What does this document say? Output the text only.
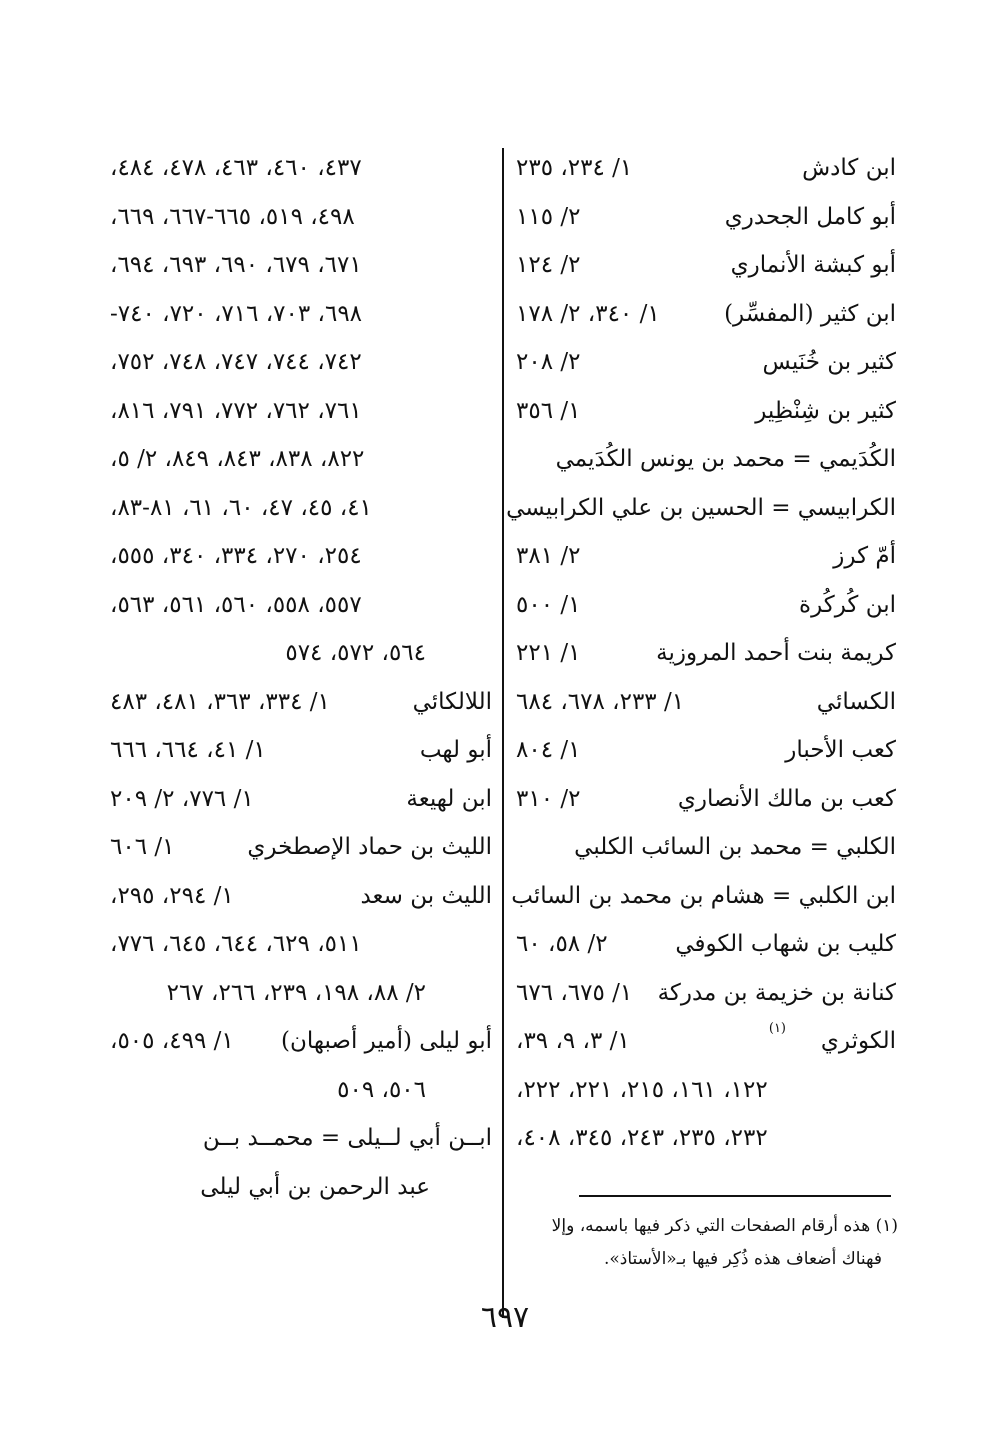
ابن كادش
١/ ٢٣٤، ٢٣٥
أبو كامل الجحدري
٢/ ١١٥
أبو كبشة الأنماري
٢/ ١٢٤
ابن كثير (المفسِّر)
١/ ٣٤٠، ٢/ ١٧٨
كثير بن خُنَيس
٢/ ٢٠٨
كثير بن شِنْظِير
١/ ٣٥٦
الكُدَيمي = محمد بن يونس الكُدَيمي
الكرابيسي = الحسين بن علي الكرابيسي
أمّ كرز
٢/ ٣٨١
ابن كُركُرة
١/ ٥٠٠
كريمة بنت أحمد المروزية
١/ ٢٢١
الكسائي
١/ ٢٣٣، ٦٧٨، ٦٨٤
كعب الأحبار
١/ ٨٠٤
كعب بن مالك الأنصاري
٢/ ٣١٠
الكلبي = محمد بن السائب الكلبي
ابن الكلبي = هشام بن محمد بن السائب
كليب بن شهاب الكوفي
٢/ ٥٨، ٦٠
كنانة بن خزيمة بن مدركة
١/ ٦٧٥، ٦٧٦
الكوثري
(١)
١/ ٣، ٩، ٣٩،
١٢٢، ١٦١، ٢١٥، ٢٢١، ٢٢٢،
٢٣٢، ٢٣٥، ٢٤٣، ٣٤٥، ٤٠٨،
٤٣٧، ٤٦٠، ٤٦٣، ٤٧٨، ٤٨٤،
٤٩٨، ٥١٩، ٦٦٥-٦٦٧، ٦٦٩،
٦٧١، ٦٧٩، ٦٩٠، ٦٩٣، ٦٩٤،
٦٩٨، ٧٠٣، ٧١٦، ٧٢٠، ٧٤٠-
٧٤٢، ٧٤٤، ٧٤٧، ٧٤٨، ٧٥٢،
٧٦١، ٧٦٢، ٧٧٢، ٧٩١، ٨١٦،
٨٢٢، ٨٣٨، ٨٤٣، ٨٤٩، ٢/ ٥،
٤١، ٤٥، ٤٧، ٦٠، ٦١، ٨١-٨٣،
٢٥٤، ٢٧٠، ٣٣٤، ٣٤٠، ٥٥٥،
٥٥٧، ٥٥٨، ٥٦٠، ٥٦١، ٥٦٣،
٥٦٤، ٥٧٢، ٥٧٤
اللالكائي
١/ ٣٣٤، ٣٦٣، ٤٨١، ٤٨٣
أبو لهب
١/ ٤١، ٦٦٤، ٦٦٦
ابن لهيعة
١/ ٧٧٦، ٢/ ٢٠٩
الليث بن حماد الإصطخري
١/ ٦٠٦
الليث بن سعد
١/ ٢٩٤، ٢٩٥،
٥١١، ٦٢٩، ٦٤٤، ٦٤٥، ٧٧٦،
٢/ ٨٨، ١٩٨، ٢٣٩، ٢٦٦، ٢٦٧
أبو ليلى (أمير أصبهان)
١/ ٤٩٩، ٥٠٥،
٥٠٦، ٥٠٩
ابــن أبي لــيلى = محمــد بــن
عبد الرحمن بن أبي ليلى
(١) هذه أرقام الصفحات التي ذكر فيها باسمه، وإلا
فهناك أضعاف هذه ذُكِر فيها بـ«الأستاذ».
٦٩٧
